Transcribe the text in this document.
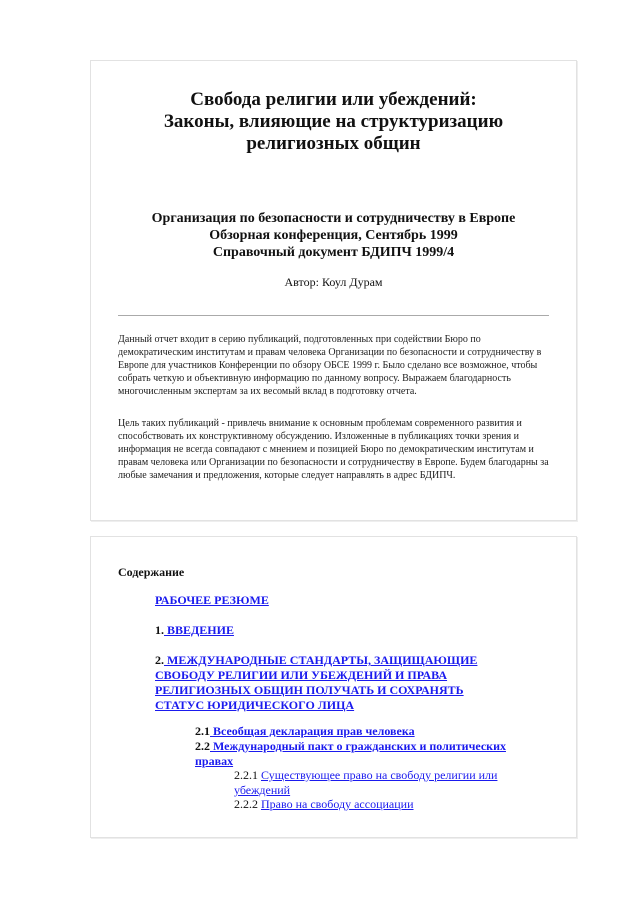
Свобода религии или убеждений:
Законы, влияющие на структуризацию
религиозных общин
Организация по безопасности и сотрудничеству в Европе
Обзорная конференция, Сентябрь 1999
Справочный документ БДИПЧ 1999/4
Автор: Коул Дурам
Данный отчет входит в серию публикаций, подготовленных при содействии Бюро по демократическим институтам и правам человека Организации по безопасности и сотрудничеству в Европе для участников Конференции по обзору ОБСЕ 1999 г. Было сделано все возможное, чтобы собрать четкую и объективную информацию по данному вопросу. Выражаем благодарность многочисленным экспертам за их весомый вклад в подготовку отчета.
Цель таких публикаций - привлечь внимание к основным проблемам современного развития и способствовать их конструктивному обсуждению. Изложенные в публикациях точки зрения и информация не всегда совпадают с мнением и позицией Бюро по демократическим институтам и правам человека или Организации по безопасности и сотрудничеству в Европе. Будем благодарны за любые замечания и предложения, которые следует направлять в адрес БДИПЧ.
Содержание
РАБОЧЕЕ РЕЗЮМЕ
1. ВВЕДЕНИЕ
2. МЕЖДУНАРОДНЫЕ СТАНДАРТЫ, ЗАЩИЩАЮЩИЕ СВОБОДУ РЕЛИГИИ ИЛИ УБЕЖДЕНИЙ И ПРАВА РЕЛИГИОЗНЫХ ОБЩИН ПОЛУЧАТЬ И СОХРАНЯТЬ СТАТУС ЮРИДИЧЕСКОГО ЛИЦА
2.1 Всеобщая декларация прав человека
2.2 Международный пакт о гражданских и политических правах
2.2.1 Существующее право на свободу религии или убеждений
2.2.2 Право на свободу ассоциации
